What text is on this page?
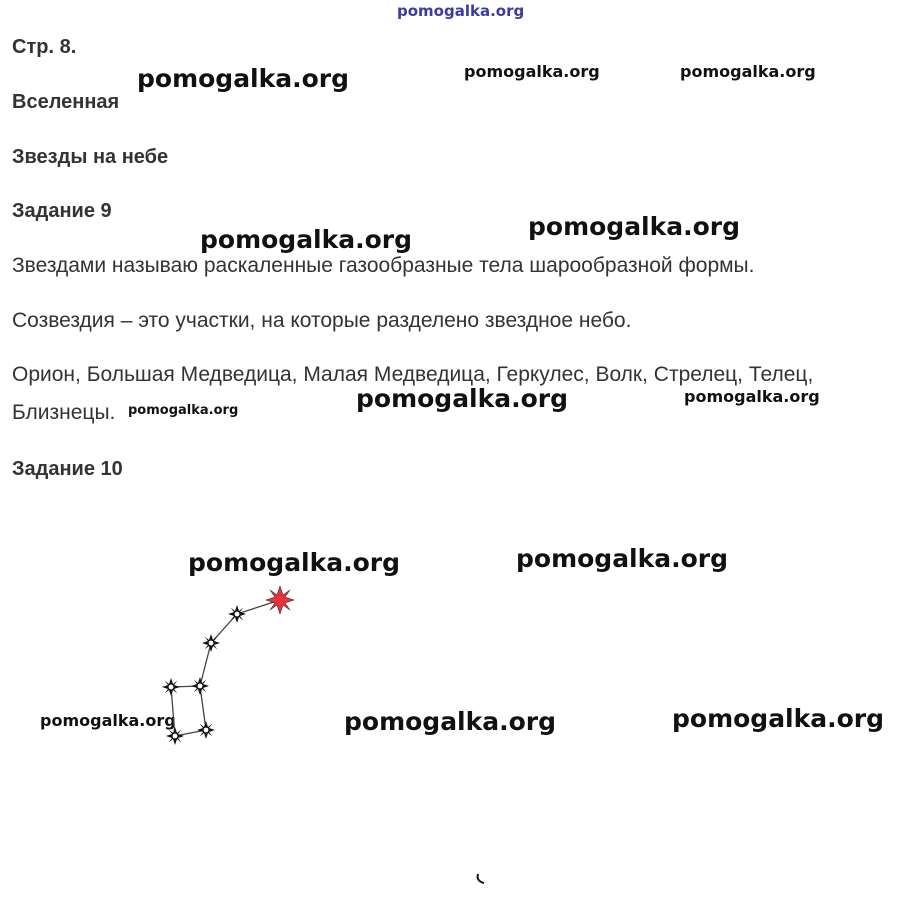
pomogalka.org
Стр. 8.
Вселенная
Звезды на небе
Задание 9
Звездами называю раскаленные газообразные тела шарообразной формы.
Созвездия – это участки, на которые разделено звездное небо.
Орион, Большая Медведица, Малая Медведица, Геркулес, Волк, Стрелец, Телец,
Близнецы.
Задание 10
pomogalka.org	pomogalka.org	pomogalka.org
pomogalka.org
pomogalka.org
pomogalka.org	pomogalka.org	pomogalka.org
pomogalka.org	pomogalka.org
pomogalka.org	pomogalka.org	pomogalka.org
